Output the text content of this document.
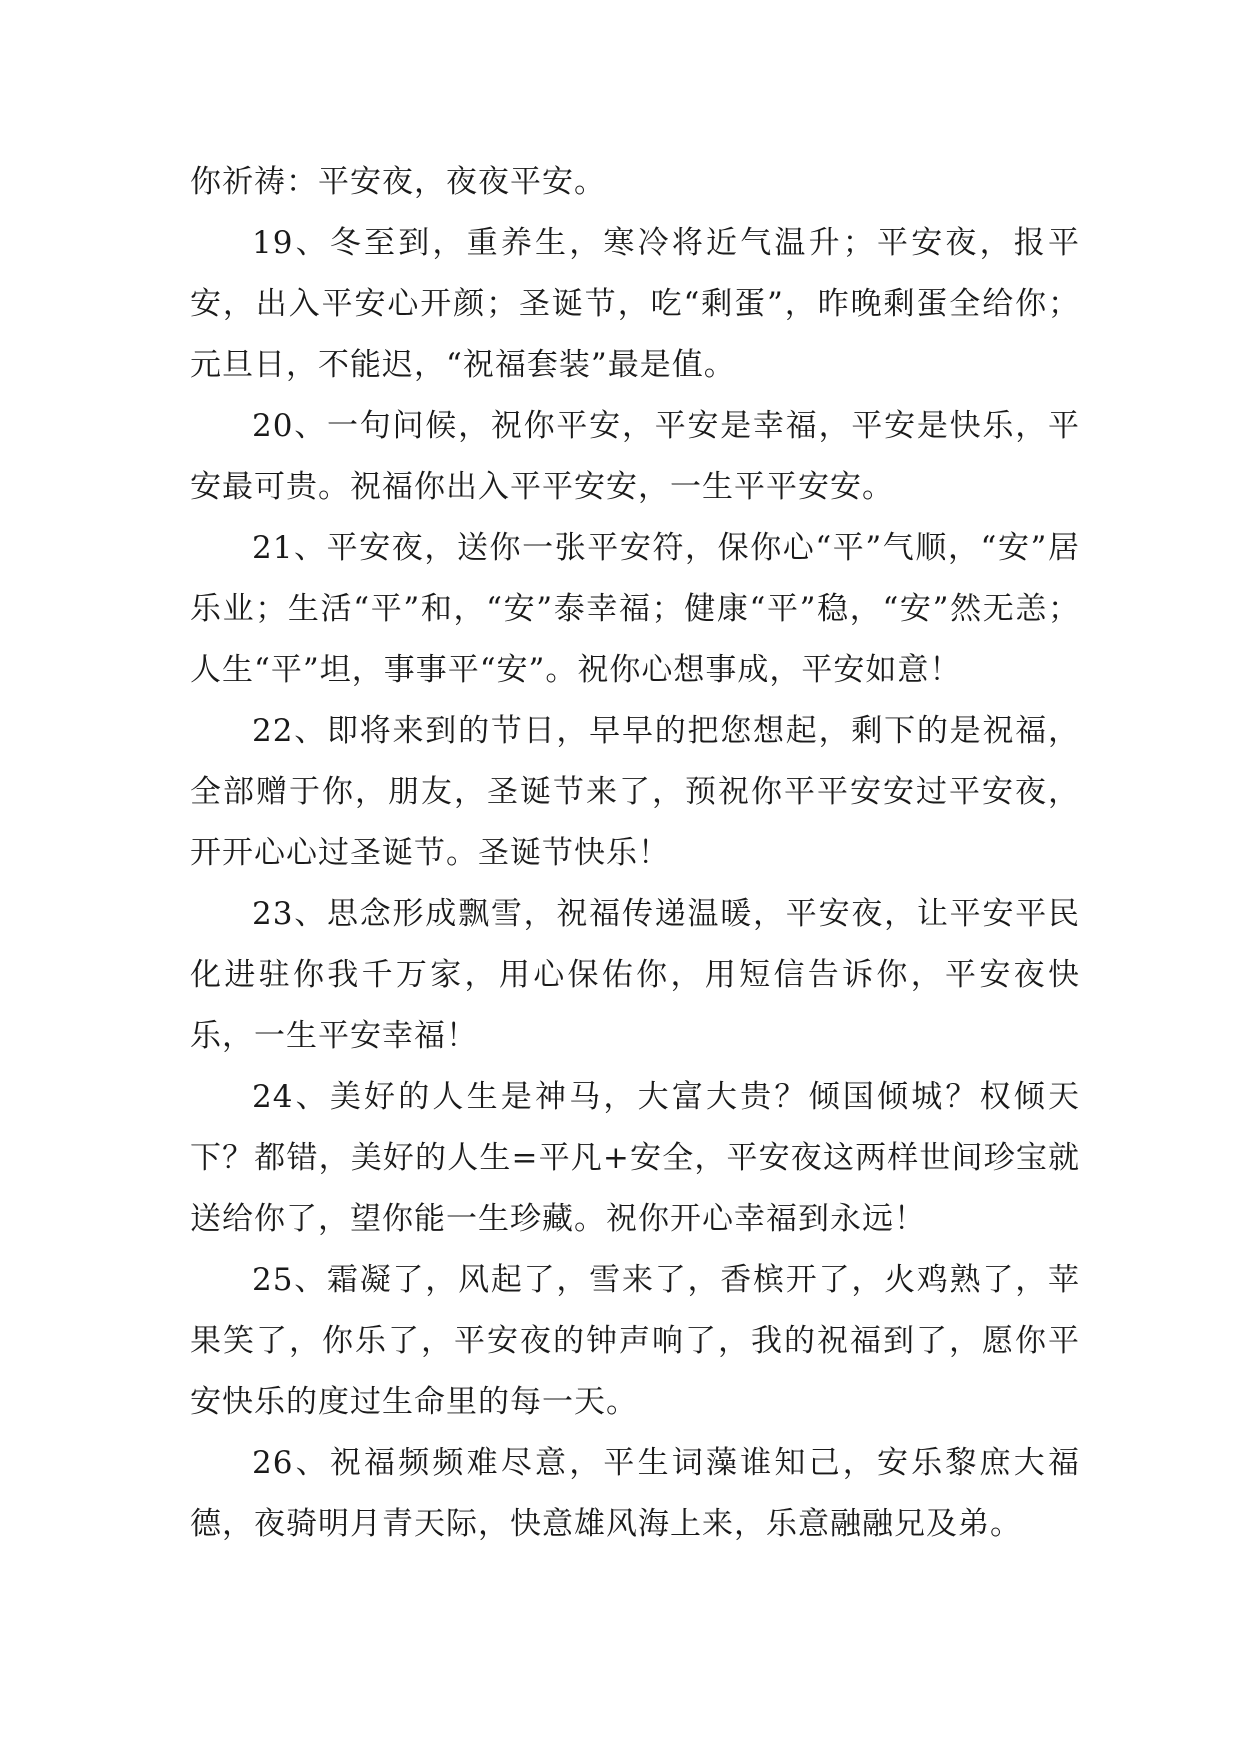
你祈祷：平安夜，夜夜平安。

19、冬至到，重养生，寒冷将近气温升；平安夜，报平安，出入平安心开颜；圣诞节，吃“剩蛋”，昨晚剩蛋全给你；元旦日，不能迟，“祝福套装”最是值。

20、一句问候，祝你平安，平安是幸福，平安是快乐，平安最可贵。祝福你出入平平安安，一生平平安安。

21、平安夜，送你一张平安符，保你心“平”气顺，“安”居乐业；生活“平”和，“安”泰幸福；健康“平”稳，“安”然无恙；人生“平”坦，事事平“安”。祝你心想事成，平安如意！

22、即将来到的节日，早早的把您想起，剩下的是祝福，全部赠于你，朋友，圣诞节来了，预祝你平平安安过平安夜，开开心心过圣诞节。圣诞节快乐！

23、思念形成飘雪，祝福传递温暖，平安夜，让平安平民化进驻你我千万家，用心保佑你，用短信告诉你，平安夜快乐，一生平安幸福！

24、美好的人生是神马，大富大贵？倾国倾城？权倾天下？都错，美好的人生=平凡+安全，平安夜这两样世间珍宝就送给你了，望你能一生珍藏。祝你开心幸福到永远！

25、霜凝了，风起了，雪来了，香槟开了，火鸡熟了，苹果笑了，你乐了，平安夜的钟声响了，我的祝福到了，愿你平安快乐的度过生命里的每一天。

26、祝福频频难尽意，平生词藻谁知己，安乐黎庶大福德，夜骑明月青天际，快意雄风海上来，乐意融融兄及弟。
